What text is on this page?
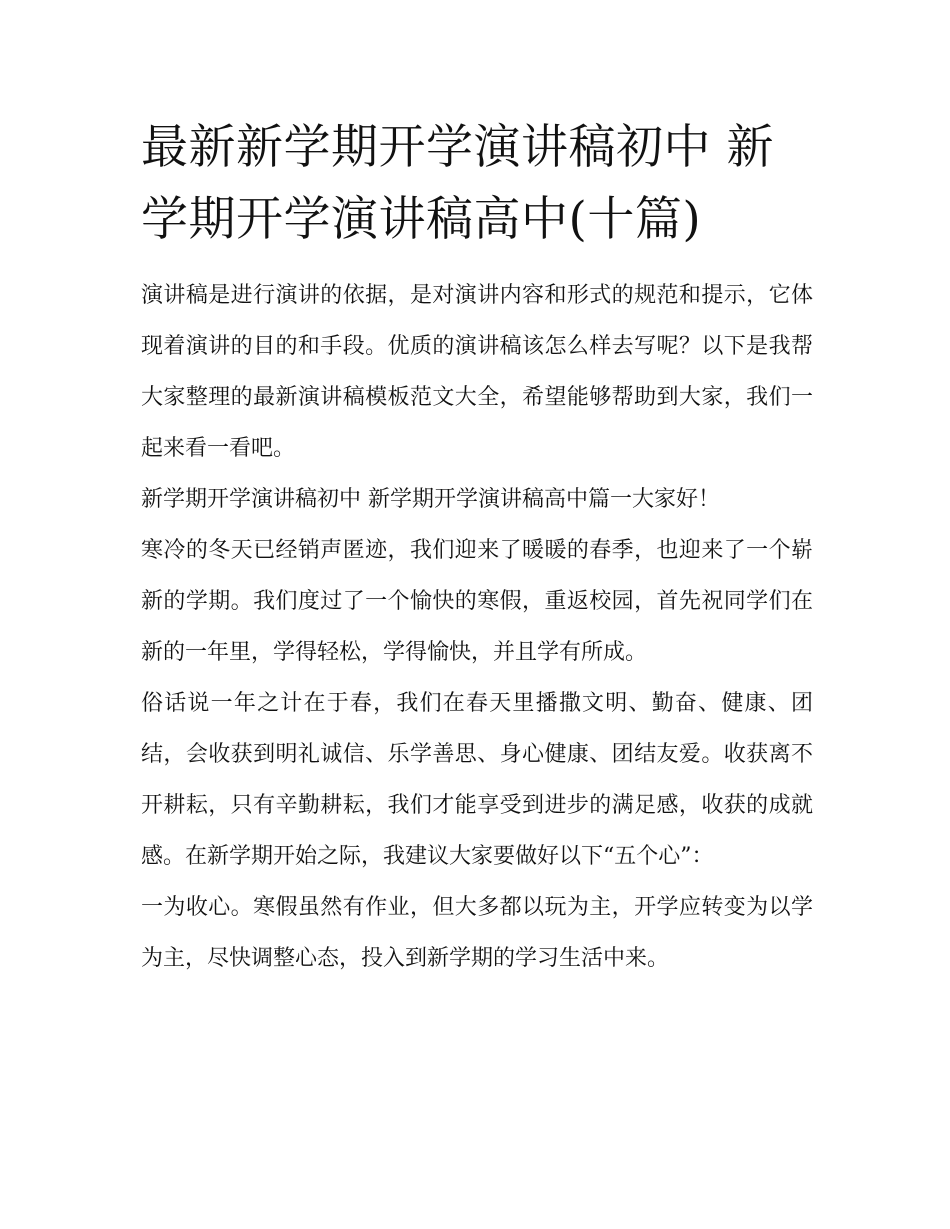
最新新学期开学演讲稿初中 新学期开学演讲稿高中(十篇)

演讲稿是进行演讲的依据，是对演讲内容和形式的规范和提示，它体现着演讲的目的和手段。优质的演讲稿该怎么样去写呢？以下是我帮大家整理的最新演讲稿模板范文大全，希望能够帮助到大家，我们一起来看一看吧。

新学期开学演讲稿初中 新学期开学演讲稿高中篇一大家好！

寒冷的冬天已经销声匿迹，我们迎来了暖暖的春季，也迎来了一个崭新的学期。我们度过了一个愉快的寒假，重返校园，首先祝同学们在新的一年里，学得轻松，学得愉快，并且学有所成。

俗话说一年之计在于春，我们在春天里播撒文明、勤奋、健康、团结，会收获到明礼诚信、乐学善思、身心健康、团结友爱。收获离不开耕耘，只有辛勤耕耘，我们才能享受到进步的满足感，收获的成就感。在新学期开始之际，我建议大家要做好以下“五个心”：

一为收心。寒假虽然有作业，但大多都以玩为主，开学应转变为以学为主，尽快调整心态，投入到新学期的学习生活中来。
